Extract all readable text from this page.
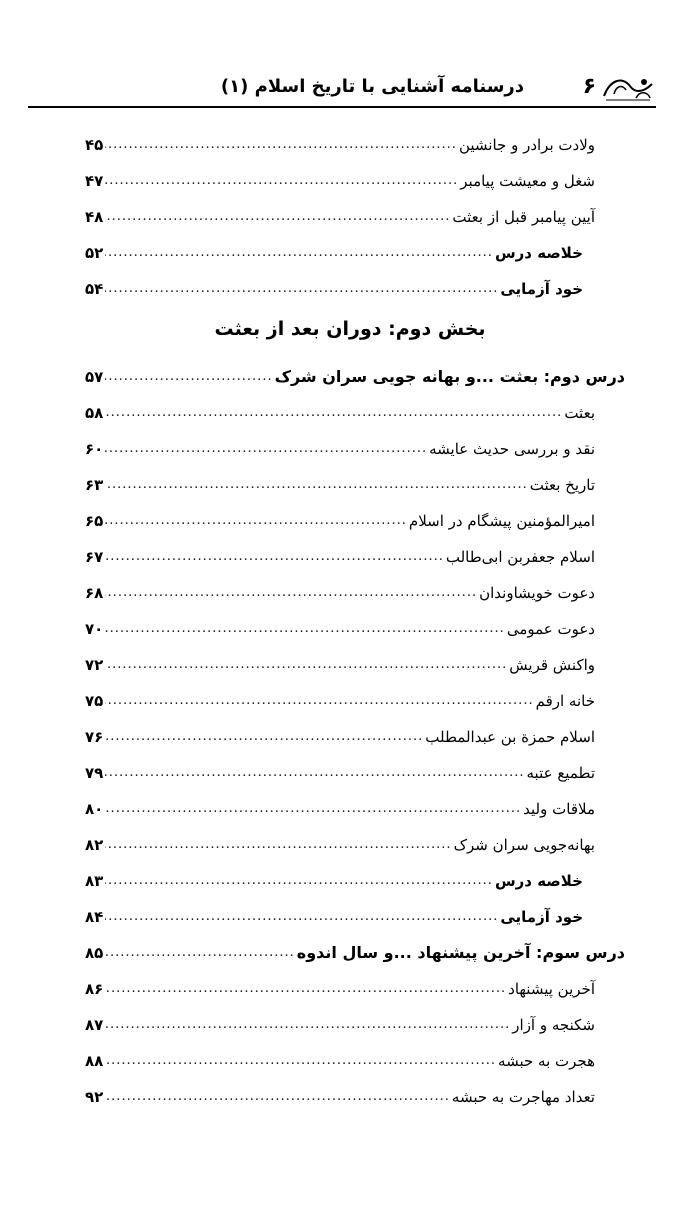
۶
درسنامه آشنایی با تاریخ اسلام (۱)
ولادت برادر و جانشین
.....
۴۵
شغل و معیشت پیامبر
.....
۴۷
آیین پیامبر قبل از بعثت
.....
۴۸
خلاصه درس
.....
۵۲
خود آزمایی
.....
۵۴
بخش دوم: دوران بعد از بعثت
درس دوم: بعثت ...و بهانه جویی سران شرک
.....
۵۷
بعثت
.....
۵۸
نقد و بررسی حدیث عایشه
.....
۶۰
تاریخ بعثت
.....
۶۳
امیرالمؤمنین پیشگام در اسلام
.....
۶۵
اسلام جعفربن ابی‌طالب
.....
۶۷
دعوت خویشاوندان
.....
۶۸
دعوت عمومی
.....
۷۰
واکنش قریش
.....
۷۲
خانه ارقم
.....
۷۵
اسلام حمزة بن عبدالمطلب
.....
۷۶
تطمیع عتبه
.....
۷۹
ملاقات ولید
.....
۸۰
بهانه‌جویی سران شرک
.....
۸۲
خلاصه درس
.....
۸۳
خود آزمایی
.....
۸۴
درس سوم: آخرین پیشنهاد ...و سال اندوه
.....
۸۵
آخرین پیشنهاد
.....
۸۶
شکنجه و آزار
.....
۸۷
هجرت به حبشه
.....
۸۸
تعداد مهاجرت به حبشه
.....
۹۲
